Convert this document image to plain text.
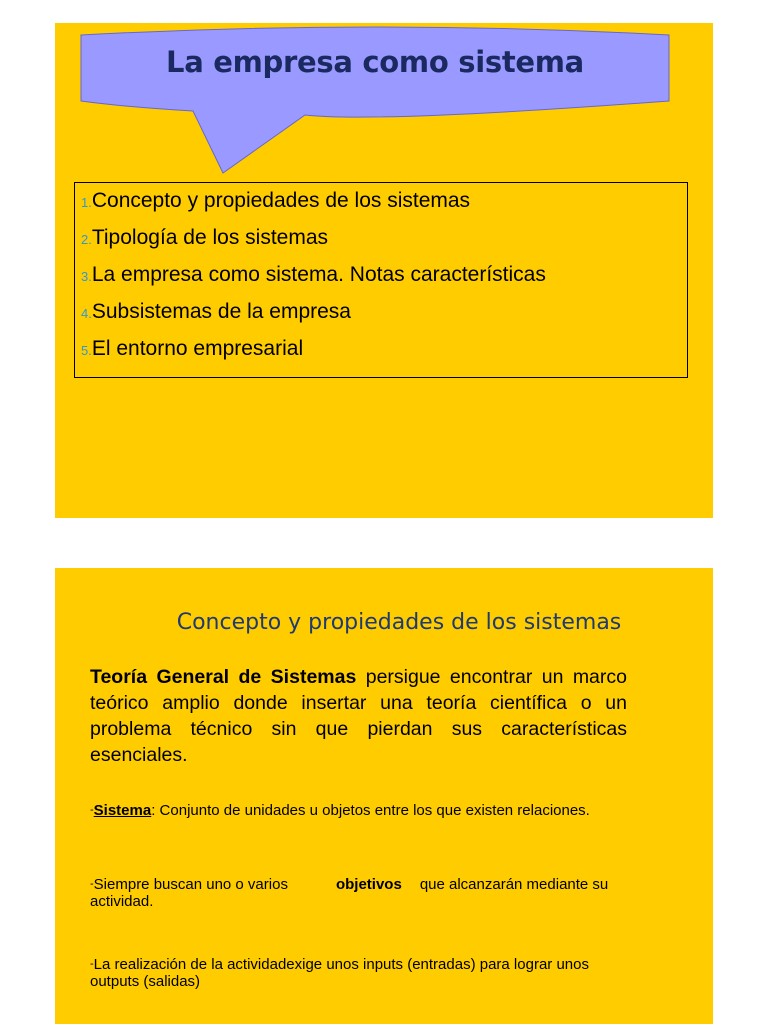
La empresa como sistema
1. Concepto y propiedades de los sistemas
2. Tipología de los sistemas
3. La empresa como sistema. Notas características
4. Subsistemas de la empresa
5. El entorno empresarial
Concepto y propiedades de los sistemas
Teoría General de Sistemas persigue encontrar un marco teórico amplio donde insertar una teoría científica o un problema técnico sin que pierdan sus características esenciales.
-Sistema: Conjunto de unidades u objetos entre los que existen relaciones.
-Siempre buscan uno o varios	objetivos que alcanzarán mediante su actividad.
-La realización de la actividadexige unos inputs (entradas) para lograr unos outputs (salidas)
